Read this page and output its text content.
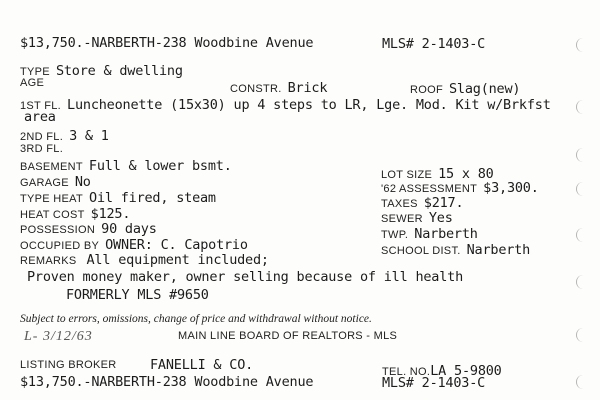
$13,750.-NARBERTH-238 Woodbine Avenue	MLS# 2-1403-C
TYPE Store & dwelling
AGE	CONSTR. Brick	ROOF Slag(new)
1ST FL. Luncheonette (15x30) up 4 steps to LR, Lge. Mod. Kit w/Brkfst
area
2ND FL. 3 & 1
3RD FL.
BASEMENT Full & lower bsmt.
GARAGE No
TYPE HEAT Oil fired, steam
HEAT COST $125.
POSSESSION 90 days
OCCUPIED BY OWNER: C. Capotrio
REMARKS All equipment included;
Proven money maker, owner selling because of ill health
FORMERLY MLS #9650
LOT SIZE 15 x 80
'62 ASSESSMENT $3,300.
TAXES $217.
SEWER Yes
TWP. Narberth
SCHOOL DIST. Narberth
Subject to errors, omissions, change of price and withdrawal without notice.
L- 3/12/63	MAIN LINE BOARD OF REALTORS - MLS
LISTING BROKER FANELLI & CO.	TEL. NO.LA 5-9800
$13,750.-NARBERTH-238 Woodbine Avenue	MLS# 2-1403-C
